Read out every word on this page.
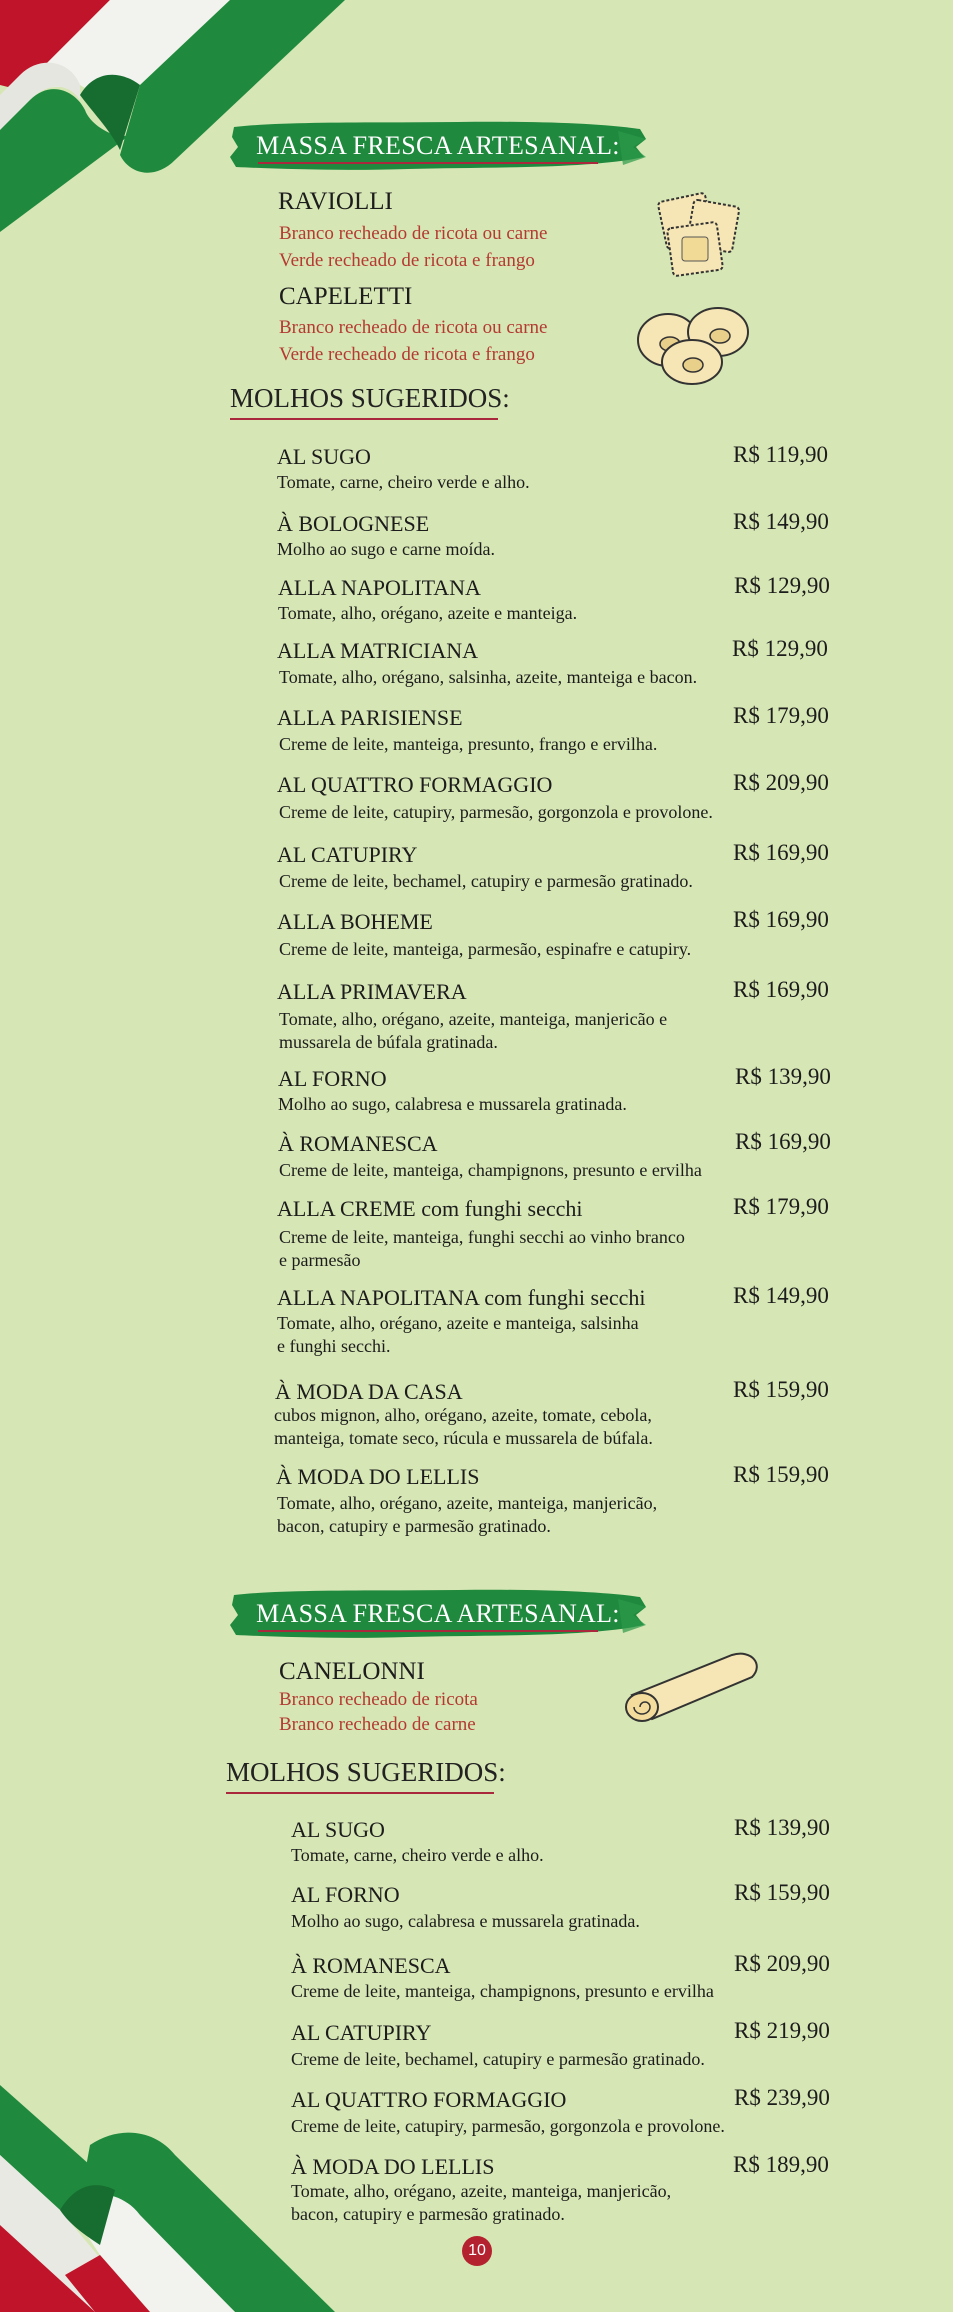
MASSA FRESCA ARTESANAL:
RAVIOLLI
Branco recheado de ricota ou carne
Verde recheado de ricota e frango
CAPELETTI
Branco recheado de ricota ou carne
Verde recheado de ricota e frango
MOLHOS SUGERIDOS:
AL SUGO	R$ 119,90
Tomate, carne, cheiro verde e alho.
À BOLOGNESE	R$ 149,90
Molho ao sugo e carne moída.
ALLA NAPOLITANA	R$ 129,90
Tomate, alho, orégano, azeite e manteiga.
ALLA MATRICIANA	R$ 129,90
Tomate, alho, orégano, salsinha, azeite, manteiga e bacon.
ALLA PARISIENSE	R$ 179,90
Creme de leite, manteiga, presunto, frango e ervilha.
AL QUATTRO FORMAGGIO	R$ 209,90
Creme de leite, catupiry, parmesão, gorgonzola e provolone.
AL CATUPIRY	R$ 169,90
Creme de leite, bechamel, catupiry e parmesão gratinado.
ALLA BOHEME	R$ 169,90
Creme de leite, manteiga, parmesão, espinafre e catupiry.
ALLA PRIMAVERA	R$ 169,90
Tomate, alho, orégano, azeite, manteiga, manjericão e
mussarela de búfala gratinada.
AL FORNO	R$ 139,90
Molho ao sugo, calabresa e mussarela gratinada.
À ROMANESCA	R$ 169,90
Creme de leite, manteiga, champignons, presunto e ervilha
ALLA CREME com funghi secchi	R$ 179,90
Creme de leite, manteiga, funghi secchi ao vinho branco
e parmesão
ALLA NAPOLITANA com funghi secchi	R$ 149,90
Tomate, alho, orégano, azeite e manteiga, salsinha
e funghi secchi.
À MODA DA CASA	R$ 159,90
cubos mignon, alho, orégano, azeite, tomate, cebola,
manteiga, tomate seco, rúcula e mussarela de búfala.
À MODA DO LELLIS	R$ 159,90
Tomate, alho, orégano, azeite, manteiga, manjericão,
bacon, catupiry e parmesão gratinado.
MASSA FRESCA ARTESANAL:
CANELONNI
Branco recheado de ricota
Branco recheado de carne
MOLHOS SUGERIDOS:
AL SUGO	R$ 139,90
Tomate, carne, cheiro verde e alho.
AL FORNO	R$ 159,90
Molho ao sugo, calabresa e mussarela gratinada.
À ROMANESCA	R$ 209,90
Creme de leite, manteiga, champignons, presunto e ervilha
AL CATUPIRY	R$ 219,90
Creme de leite, bechamel, catupiry e parmesão gratinado.
AL QUATTRO FORMAGGIO	R$ 239,90
Creme de leite, catupiry, parmesão, gorgonzola e provolone.
À MODA DO LELLIS	R$ 189,90
Tomate, alho, orégano, azeite, manteiga, manjericão,
bacon, catupiry e parmesão gratinado.
10
